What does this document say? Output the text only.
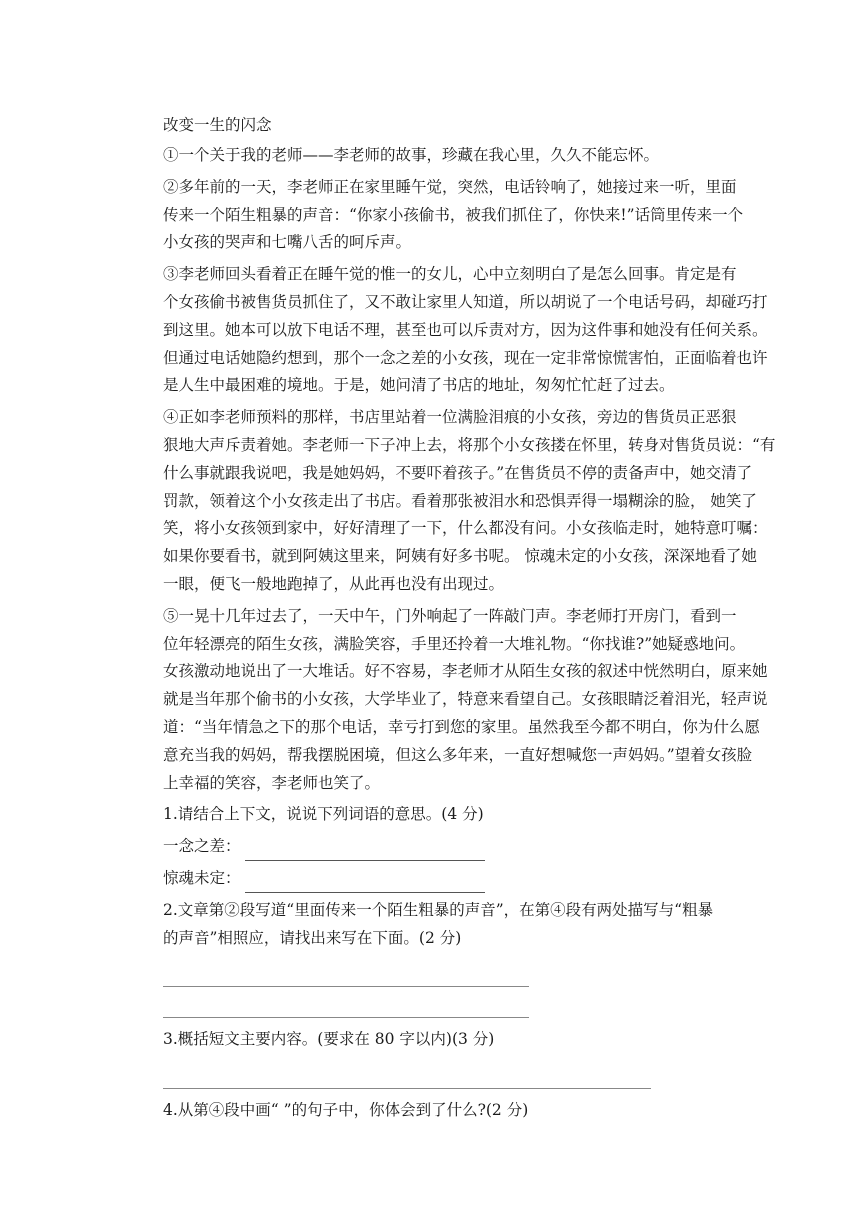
改变一生的闪念

①一个关于我的老师——李老师的故事，珍藏在我心里，久久不能忘怀。
②多年前的一天，李老师正在家里睡午觉，突然，电话铃响了，她接过来一听，里面
传来一个陌生粗暴的声音：“你家小孩偷书，被我们抓住了，你快来!”话筒里传来一个
小女孩的哭声和七嘴八舌的呵斥声。
③李老师回头看着正在睡午觉的惟一的女儿，心中立刻明白了是怎么回事。肯定是有
个女孩偷书被售货员抓住了，又不敢让家里人知道，所以胡说了一个电话号码，却碰巧打
到这里。她本可以放下电话不理，甚至也可以斥责对方，因为这件事和她没有任何关系。
但通过电话她隐约想到，那个一念之差的小女孩，现在一定非常惊慌害怕，正面临着也许
是人生中最困难的境地。于是，她问清了书店的地址，匆匆忙忙赶了过去。
④正如李老师预料的那样，书店里站着一位满脸泪痕的小女孩，旁边的售货员正恶狠
狠地大声斥责着她。李老师一下子冲上去，将那个小女孩搂在怀里，转身对售货员说：“有
什么事就跟我说吧，我是她妈妈，不要吓着孩子。”在售货员不停的责备声中，她交清了
罚款，领着这个小女孩走出了书店。看着那张被泪水和恐惧弄得一塌糊涂的脸， 她笑了
笑，将小女孩领到家中，好好清理了一下，什么都没有问。小女孩临走时，她特意叮嘱：
如果你要看书，就到阿姨这里来，阿姨有好多书呢。 惊魂未定的小女孩，深深地看了她
一眼，便飞一般地跑掉了，从此再也没有出现过。
⑤一晃十几年过去了，一天中午，门外响起了一阵敲门声。李老师打开房门，看到一
位年轻漂亮的陌生女孩，满脸笑容，手里还拎着一大堆礼物。“你找谁?”她疑惑地问。
女孩激动地说出了一大堆话。好不容易，李老师才从陌生女孩的叙述中恍然明白，原来她
就是当年那个偷书的小女孩，大学毕业了，特意来看望自己。女孩眼睛泛着泪光，轻声说
道：“当年情急之下的那个电话，幸亏打到您的家里。虽然我至今都不明白，你为什么愿
意充当我的妈妈，帮我摆脱困境，但这么多年来，一直好想喊您一声妈妈。”望着女孩脸
上幸福的笑容，李老师也笑了。
1.请结合上下文，说说下列词语的意思。(4 分)
一念之差：
惊魂未定：
2.文章第②段写道“里面传来一个陌生粗暴的声音”，在第④段有两处描写与“粗暴
的声音”相照应，请找出来写在下面。(2 分)
3.概括短文主要内容。(要求在 80 字以内)(3 分)
4.从第④段中画“ ”的句子中，你体会到了什么?(2 分)
